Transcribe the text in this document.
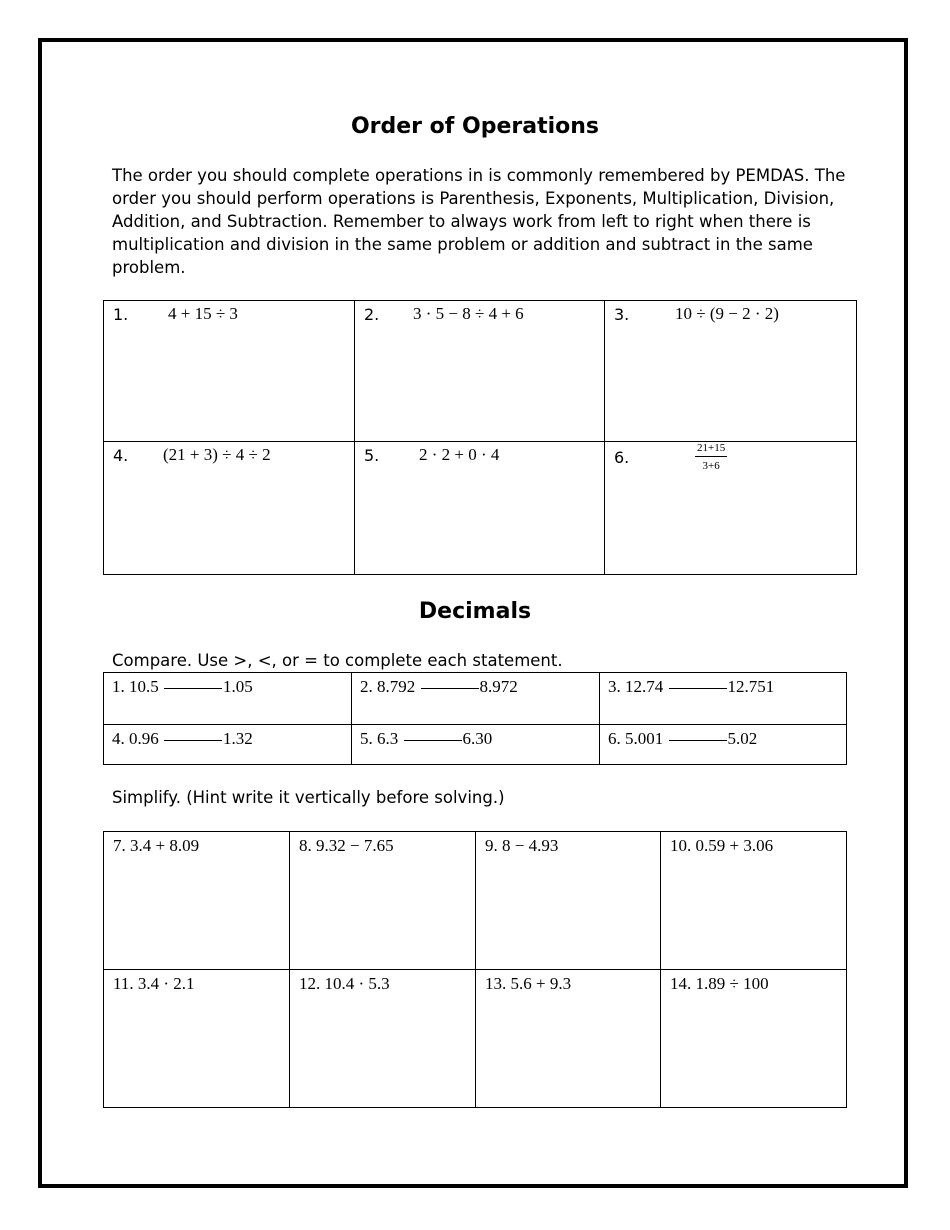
Order of Operations
The order you should complete operations in is commonly remembered by PEMDAS. The order you should perform operations is Parenthesis, Exponents, Multiplication, Division, Addition, and Subtraction. Remember to always work from left to right when there is multiplication and division in the same problem or addition and subtract in the same problem.
1. 4 + 15 ÷ 3	2. 3 · 5 − 8 ÷ 4 + 6	3. 10 ÷ (9 − 2 · 2)

4. (21 + 3) ÷ 4 ÷ 2	5. 2 · 2 + 0 · 4	6. $\frac{21+15}{3+6}$
Decimals
Compare. Use >, <, or = to complete each statement.
1. 10.5 1.05	2. 8.792 8.972	3. 12.74 12.751

4. 0.96 1.32	5. 6.3 6.30	6. 5.001 5.02
Simplify. (Hint write it vertically before solving.)
7. 3.4 + 8.09	8. 9.32 − 7.65	9. 8 − 4.93	10. 0.59 + 3.06

11. 3.4 · 2.1	12. 10.4 · 5.3	13. 5.6 + 9.3	14. 1.89 ÷ 100
